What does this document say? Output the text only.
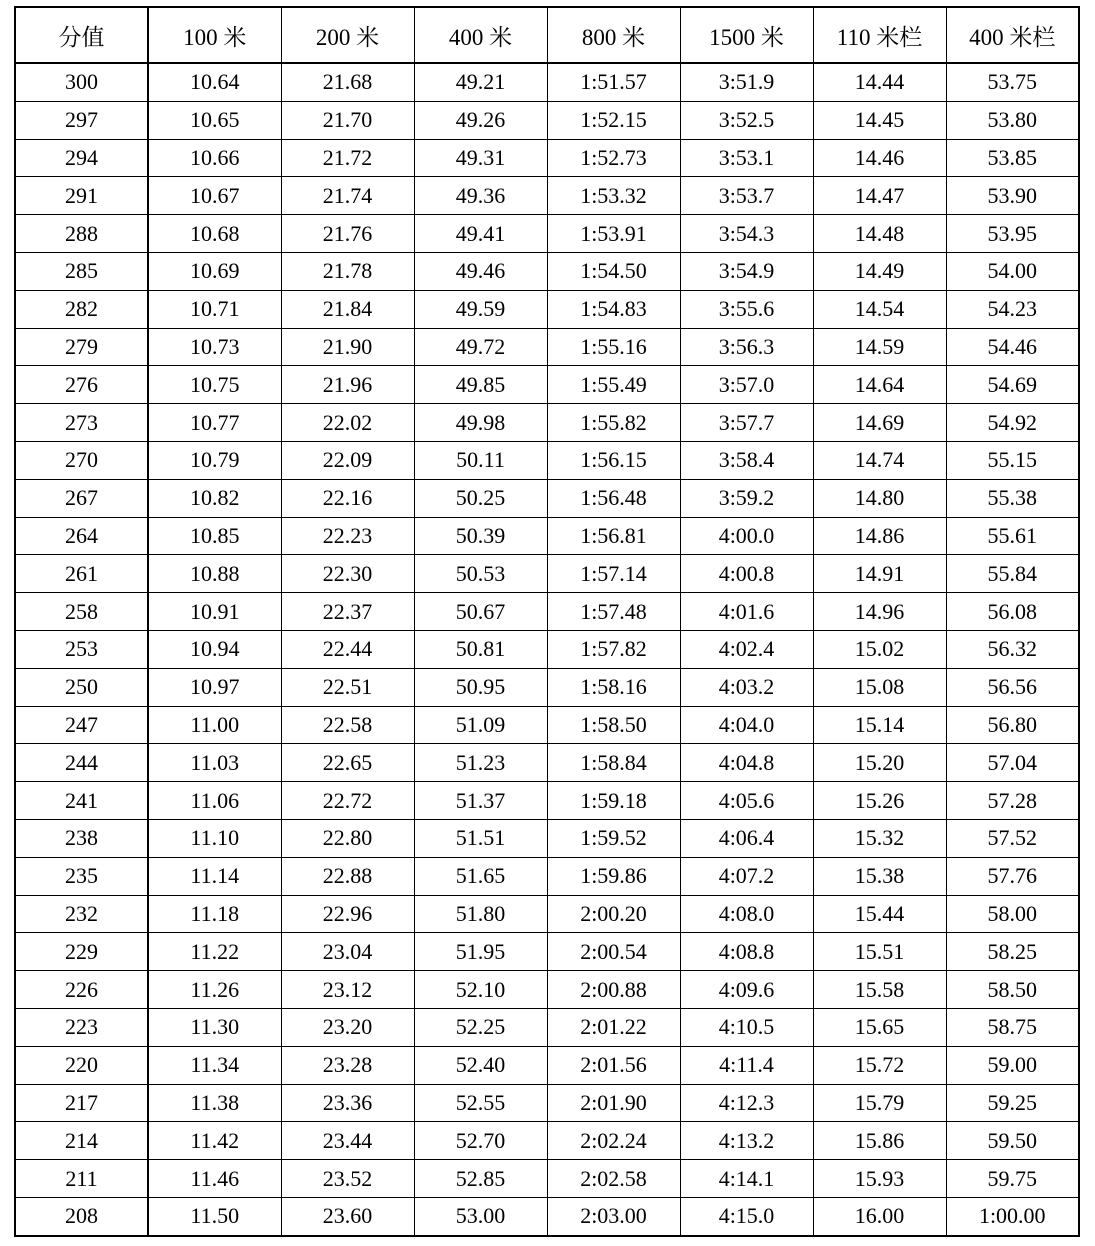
分值	100 米	200 米	400 米	800 米	1500 米	110 米栏	400 米栏
300	10.64	21.68	49.21	1:51.57	3:51.9	14.44	53.75
297	10.65	21.70	49.26	1:52.15	3:52.5	14.45	53.80
294	10.66	21.72	49.31	1:52.73	3:53.1	14.46	53.85
291	10.67	21.74	49.36	1:53.32	3:53.7	14.47	53.90
288	10.68	21.76	49.41	1:53.91	3:54.3	14.48	53.95
285	10.69	21.78	49.46	1:54.50	3:54.9	14.49	54.00
282	10.71	21.84	49.59	1:54.83	3:55.6	14.54	54.23
279	10.73	21.90	49.72	1:55.16	3:56.3	14.59	54.46
276	10.75	21.96	49.85	1:55.49	3:57.0	14.64	54.69
273	10.77	22.02	49.98	1:55.82	3:57.7	14.69	54.92
270	10.79	22.09	50.11	1:56.15	3:58.4	14.74	55.15
267	10.82	22.16	50.25	1:56.48	3:59.2	14.80	55.38
264	10.85	22.23	50.39	1:56.81	4:00.0	14.86	55.61
261	10.88	22.30	50.53	1:57.14	4:00.8	14.91	55.84
258	10.91	22.37	50.67	1:57.48	4:01.6	14.96	56.08
253	10.94	22.44	50.81	1:57.82	4:02.4	15.02	56.32
250	10.97	22.51	50.95	1:58.16	4:03.2	15.08	56.56
247	11.00	22.58	51.09	1:58.50	4:04.0	15.14	56.80
244	11.03	22.65	51.23	1:58.84	4:04.8	15.20	57.04
241	11.06	22.72	51.37	1:59.18	4:05.6	15.26	57.28
238	11.10	22.80	51.51	1:59.52	4:06.4	15.32	57.52
235	11.14	22.88	51.65	1:59.86	4:07.2	15.38	57.76
232	11.18	22.96	51.80	2:00.20	4:08.0	15.44	58.00
229	11.22	23.04	51.95	2:00.54	4:08.8	15.51	58.25
226	11.26	23.12	52.10	2:00.88	4:09.6	15.58	58.50
223	11.30	23.20	52.25	2:01.22	4:10.5	15.65	58.75
220	11.34	23.28	52.40	2:01.56	4:11.4	15.72	59.00
217	11.38	23.36	52.55	2:01.90	4:12.3	15.79	59.25
214	11.42	23.44	52.70	2:02.24	4:13.2	15.86	59.50
211	11.46	23.52	52.85	2:02.58	4:14.1	15.93	59.75
208	11.50	23.60	53.00	2:03.00	4:15.0	16.00	1:00.00
